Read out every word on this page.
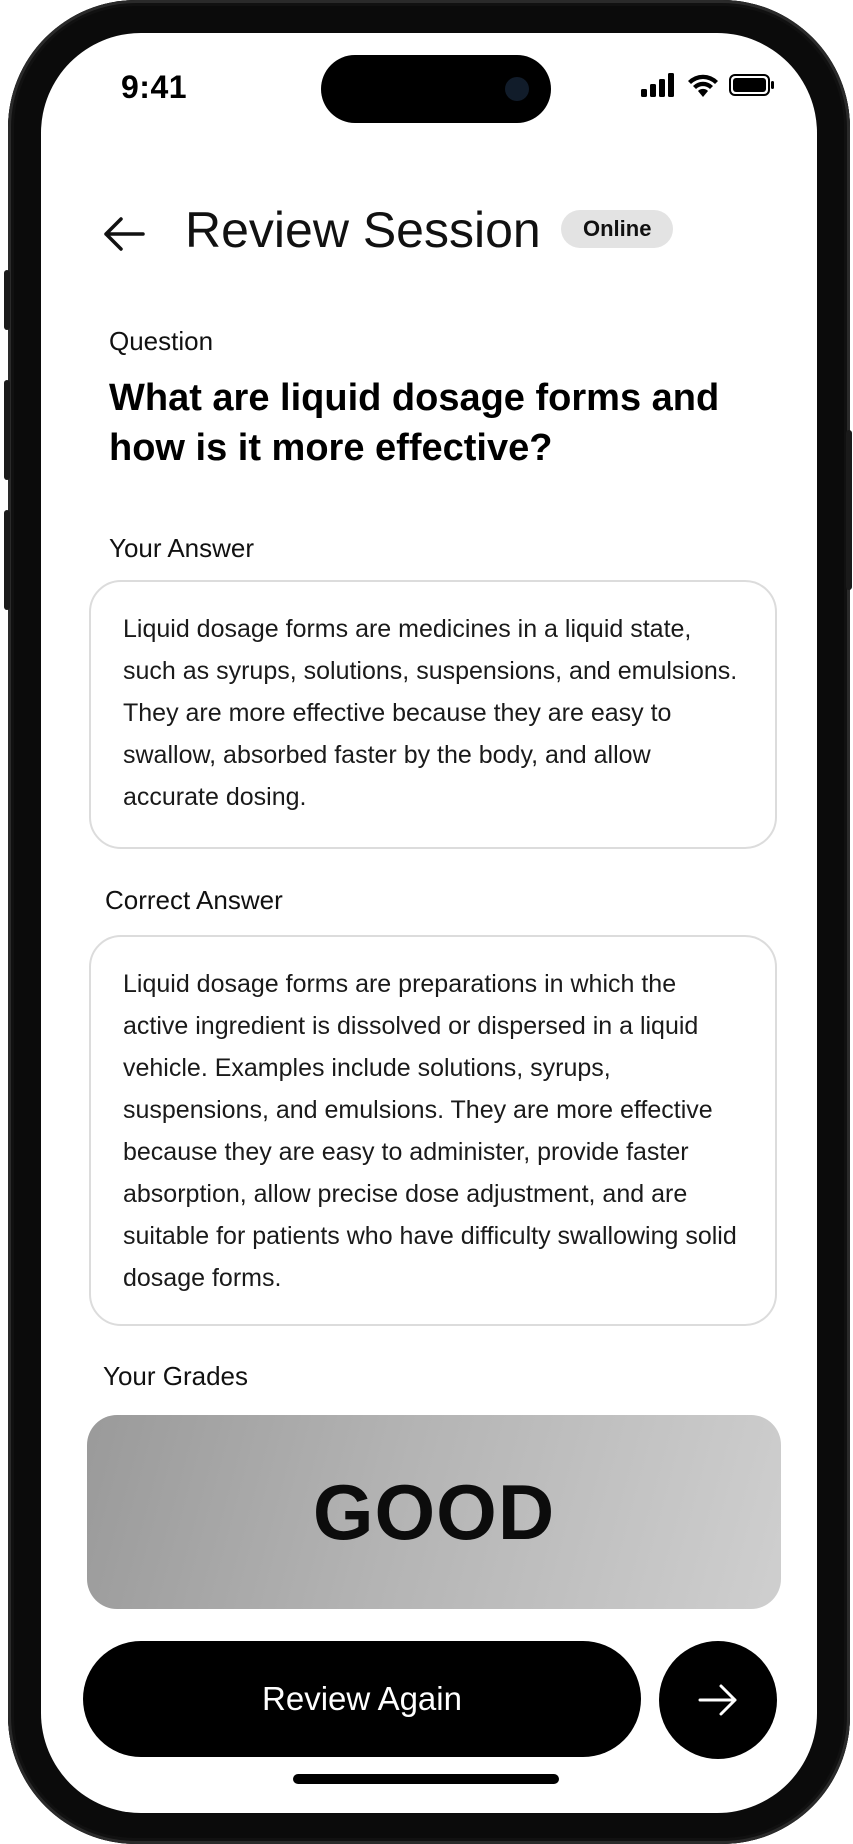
9:41
Review Session	Online
Question
What are liquid dosage forms and how is it more effective?
Your Answer
Liquid dosage forms are medicines in a liquid state, such as syrups, solutions, suspensions, and emulsions. They are more effective because they are easy to swallow, absorbed faster by the body, and allow accurate dosing.
Correct Answer
Liquid dosage forms are preparations in which the active ingredient is dissolved or dispersed in a liquid vehicle. Examples include solutions, syrups, suspensions, and emulsions. They are more effective because they are easy to administer, provide faster absorption, allow precise dose adjustment, and are suitable for patients who have difficulty swallowing solid dosage forms.
Your Grades
GOOD
Review Again
